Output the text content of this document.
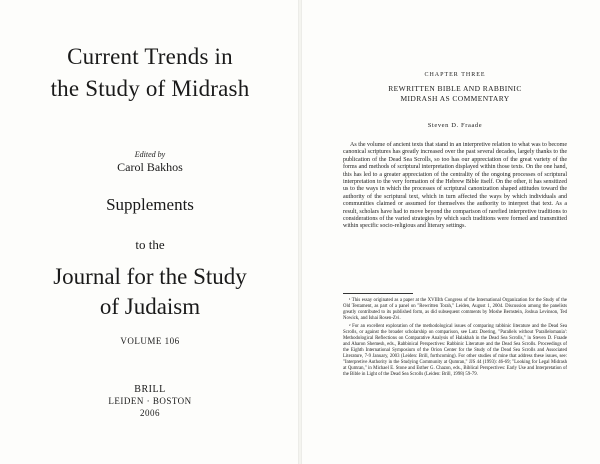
Current Trends in
the Study of Midrash
Edited by
Carol Bakhos
Supplements
to the
Journal for the Study
of Judaism
VOLUME 106
BRILL
LEIDEN · BOSTON
2006
CHAPTER THREE
REWRITTEN BIBLE AND RABBINIC
MIDRASH AS COMMENTARY
Steven D. Fraade

As the volume of ancient texts that stand in an interpretive relation to what was to become canonical scriptures has greatly increased over the past several decades, largely thanks to the publication of the Dead Sea Scrolls, so too has our appreciation of the great variety of the forms and methods of scriptural interpretation displayed within those texts. On the one hand, this has led to a greater appreciation of the centrality of the ongoing processes of scriptural interpretation to the very formation of the Hebrew Bible itself. On the other, it has sensitized us to the ways in which the processes of scriptural canonization shaped attitudes toward the authority of the scriptural text, which in turn affected the ways by which individuals and communities claimed or assumed for themselves the authority to interpret that text. As a result, scholars have had to move beyond the comparison of rarefied interpretive traditions to considerations of the varied strategies by which such traditions were formed and transmitted within specific socio-religious and literary settings.

¹ This essay originated as a paper at the XVIIIth Congress of the International Organization for the Study of the Old Testament, as part of a panel on "Rewritten Torah," Leiden, August 1, 2004. Discussion among the panelists greatly contributed to its published form, as did subsequent comments by Moshe Bernstein, Joshua Levinson, Ted Nowick, and Ishai Rosen-Zvi.

² For an excellent exploration of the methodological issues of comparing rabbinic literature and the Dead Sea Scrolls, or against the broader scholarship on comparison, see Lutz Doering, "Parallels without 'Parallelomania': Methodological Reflections on Comparative Analysis of Halakhah in the Dead Sea Scrolls," in Steven D. Fraade and Aharon Shemesh, eds., Rabbinical Perspectives: Rabbinic Literature and the Dead Sea Scrolls. Proceedings of the Eighth International Symposium of the Orion Center for the Study of the Dead Sea Scrolls and Associated Literature, 7-9 January, 2003 (Leiden: Brill, forthcoming). For other studies of mine that address these issues, see: "Interpretive Authority in the Studying Community at Qumran," JJS 44 (1993): 46-69; "Looking for Legal Midrash at Qumran," in Michael E. Stone and Esther G. Chazon, eds., Biblical Perspectives: Early Use and Interpretation of the Bible in Light of the Dead Sea Scrolls (Leiden: Brill, 1998) 59-79.
